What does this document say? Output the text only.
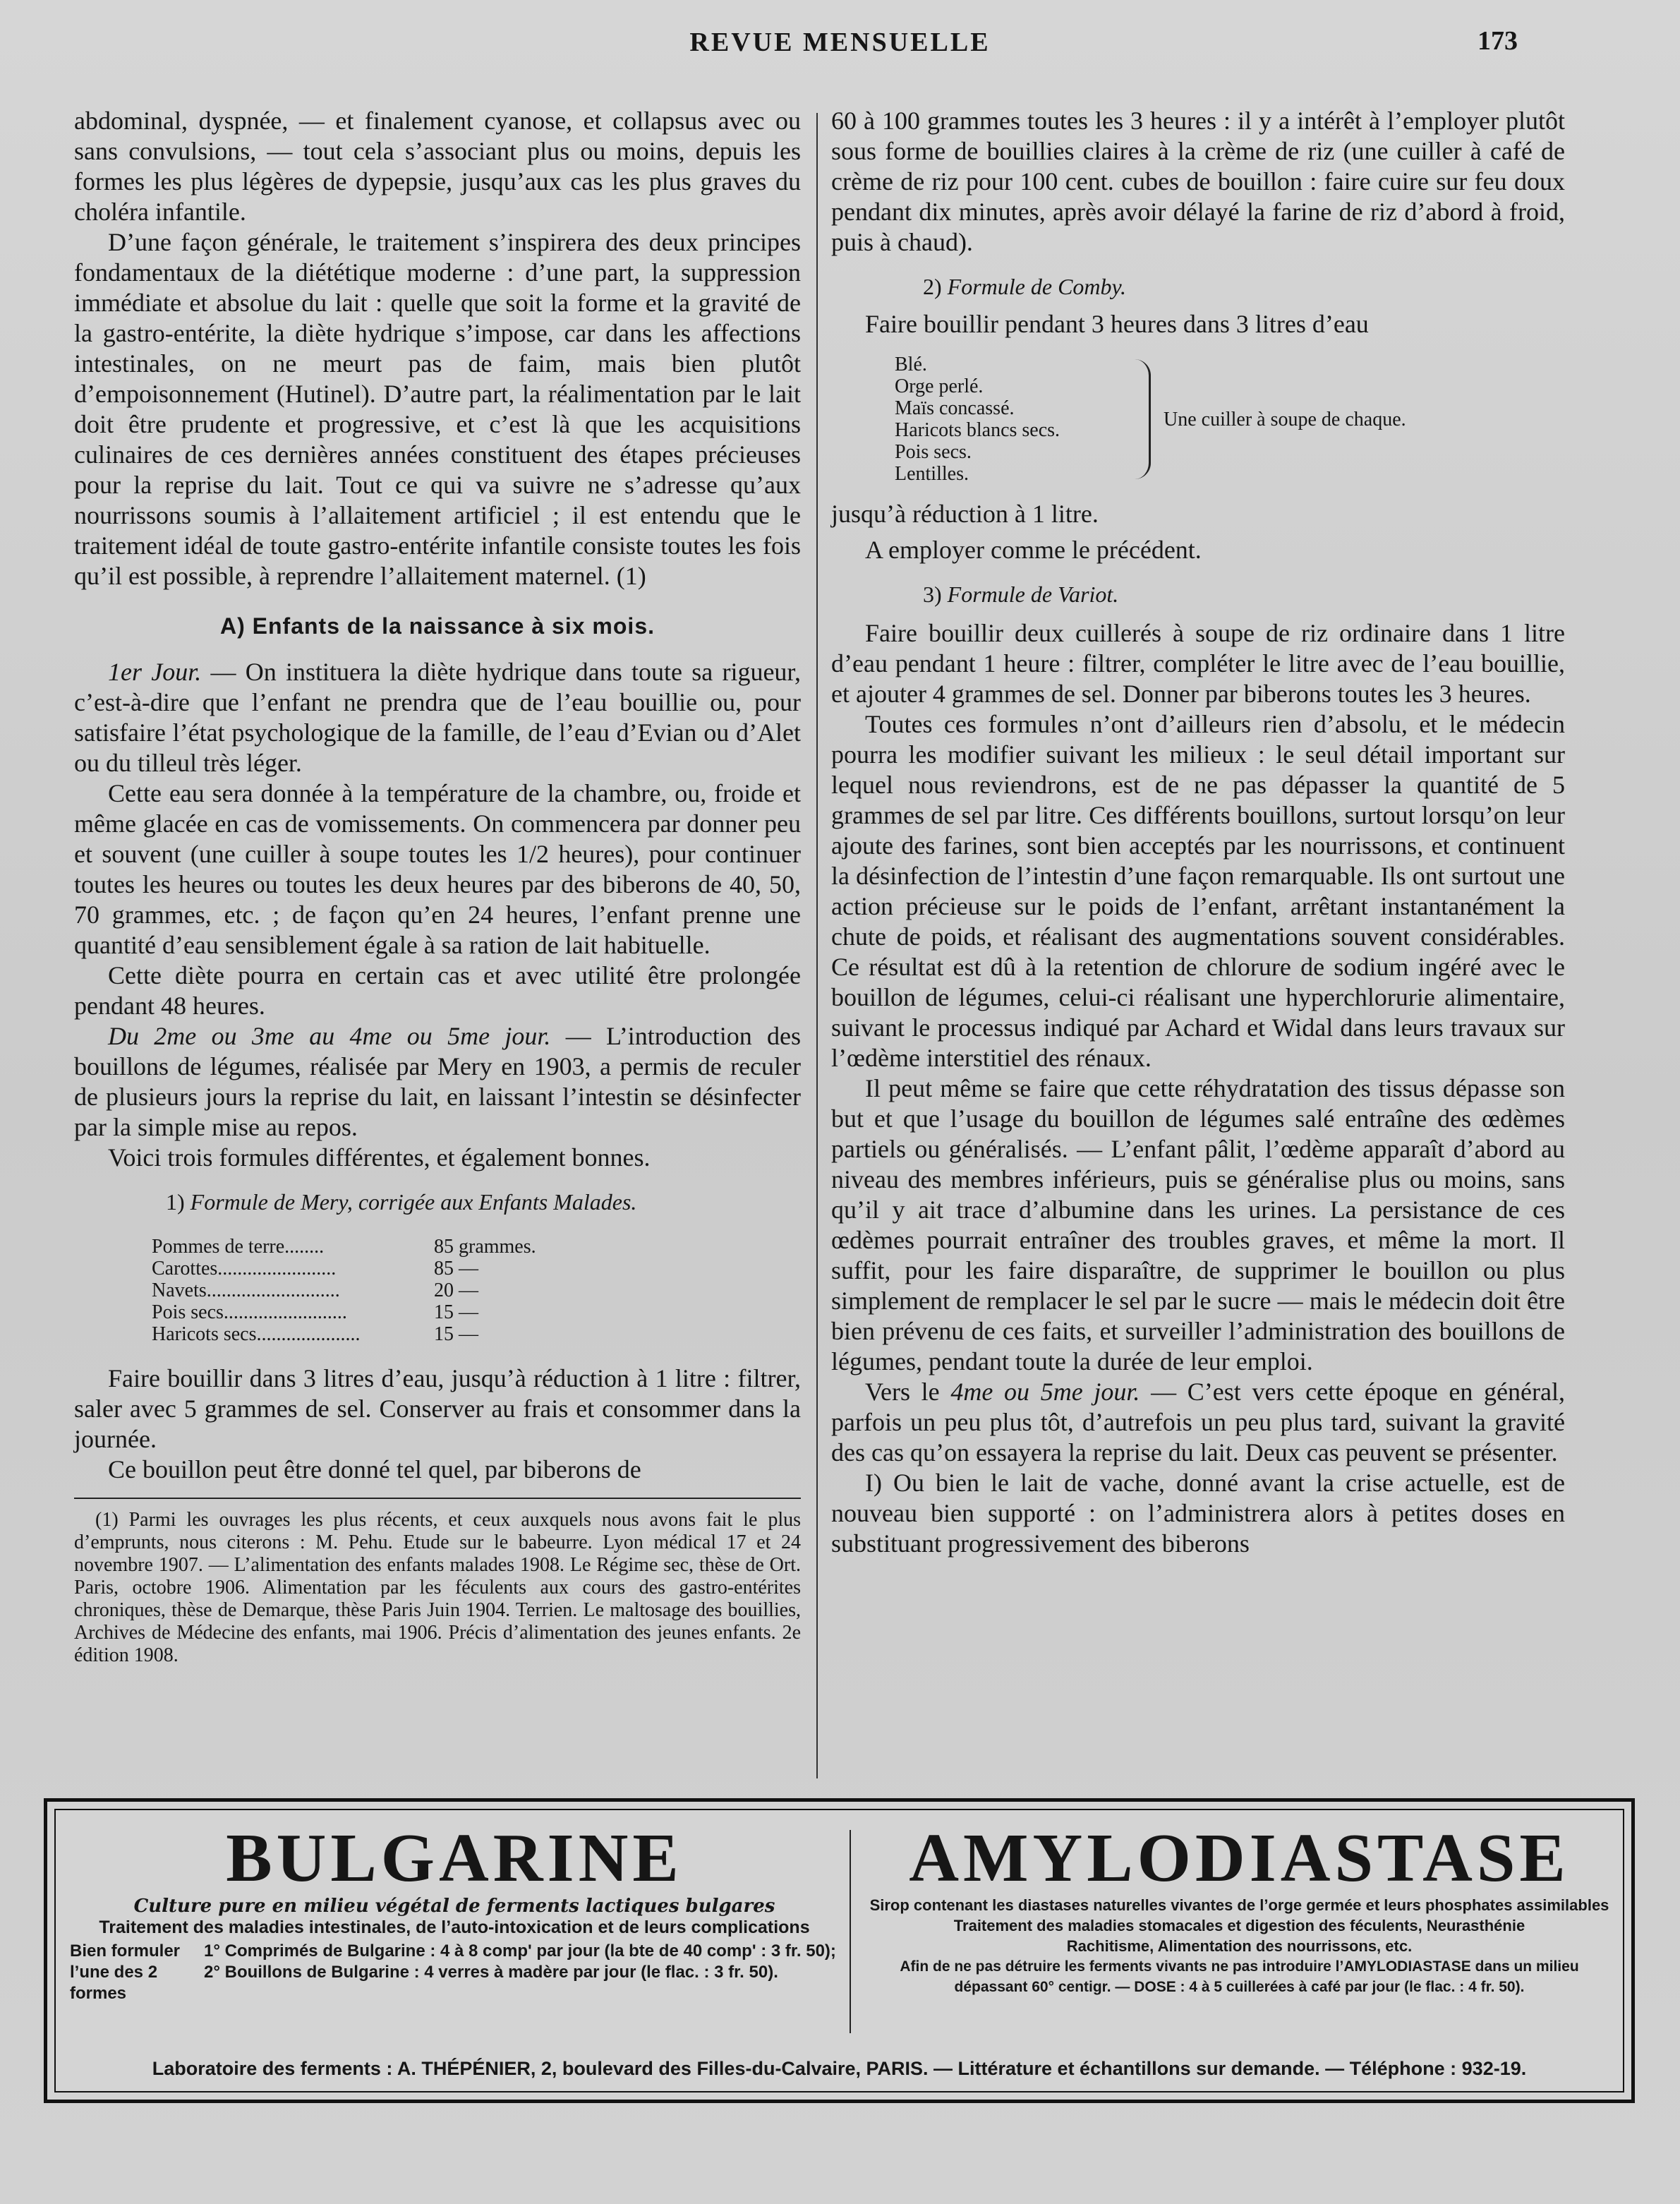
REVUE MENSUELLE	173

abdominal, dyspnée, — et finalement cyanose, et collapsus avec ou sans convulsions, — tout cela s’associant plus ou moins, depuis les formes les plus légères de dypepsie, jusqu’aux cas les plus graves du choléra infantile.

D’une façon générale, le traitement s’inspirera des deux principes fondamentaux de la diététique moderne : d’une part, la suppression immédiate et absolue du lait : quelle que soit la forme et la gravité de la gastro-entérite, la diète hydrique s’impose, car dans les affections intestinales, on ne meurt pas de faim, mais bien plutôt d’empoisonnement (Hutinel). D’autre part, la réalimentation par le lait doit être prudente et progressive, et c’est là que les acquisitions culinaires de ces dernières années constituent des étapes précieuses pour la reprise du lait. Tout ce qui va suivre ne s’adresse qu’aux nourrissons soumis à l’allaitement artificiel ; il est entendu que le traitement idéal de toute gastro-entérite infantile consiste toutes les fois qu’il est possible, à reprendre l’allaitement maternel. (1)

A) Enfants de la naissance à six mois.

1er Jour. — On instituera la diète hydrique dans toute sa rigueur, c’est-à-dire que l’enfant ne prendra que de l’eau bouillie ou, pour satisfaire l’état psychologique de la famille, de l’eau d’Evian ou d’Alet ou du tilleul très léger.

Cette eau sera donnée à la température de la chambre, ou, froide et même glacée en cas de vomissements. On commencera par donner peu et souvent (une cuiller à soupe toutes les 1/2 heures), pour continuer toutes les heures ou toutes les deux heures par des biberons de 40, 50, 70 grammes, etc. ; de façon qu’en 24 heures, l’enfant prenne une quantité d’eau sensiblement égale à sa ration de lait habituelle.

Cette diète pourra en certain cas et avec utilité être prolongée pendant 48 heures.

Du 2me ou 3me au 4me ou 5me jour. — L’introduction des bouillons de légumes, réalisée par Mery en 1903, a permis de reculer de plusieurs jours la reprise du lait, en laissant l’intestin se désinfecter par la simple mise au repos.

Voici trois formules différentes, et également bonnes.

1) Formule de Mery, corrigée aux Enfants Malades.
Pommes de terre........	85 grammes.
Carottes........................	85 —
Navets...........................	20 —
Pois secs.........................	15 —
Haricots secs.....................	15 —

Faire bouillir dans 3 litres d’eau, jusqu’à réduction à 1 litre : filtrer, saler avec 5 grammes de sel. Conserver au frais et consommer dans la journée.

Ce bouillon peut être donné tel quel, par biberons de

(1) Parmi les ouvrages les plus récents, et ceux auxquels nous avons fait le plus d’emprunts, nous citerons : M. Pehu. Etude sur le babeurre. Lyon médical 17 et 24 novembre 1907. — L’alimentation des enfants malades 1908. Le Régime sec, thèse de Ort. Paris, octobre 1906. Alimentation par les féculents aux cours des gastro-entérites chroniques, thèse de Demarque, thèse Paris Juin 1904. Terrien. Le maltosage des bouillies, Archives de Médecine des enfants, mai 1906. Précis d’alimentation des jeunes enfants. 2e édition 1908.

60 à 100 grammes toutes les 3 heures : il y a intérêt à l’employer plutôt sous forme de bouillies claires à la crème de riz (une cuiller à café de crème de riz pour 100 cent. cubes de bouillon : faire cuire sur feu doux pendant dix minutes, après avoir délayé la farine de riz d’abord à froid, puis à chaud).

2) Formule de Comby.

Faire bouillir pendant 3 heures dans 3 litres d’eau

Blé.
Orge perlé.
Maïs concassé.
Haricots blancs secs.
Pois secs.
Lentilles.
Une cuiller à soupe de chaque.

jusqu’à réduction à 1 litre.

A employer comme le précédent.

3) Formule de Variot.

Faire bouillir deux cuillerés à soupe de riz ordinaire dans 1 litre d’eau pendant 1 heure : filtrer, compléter le litre avec de l’eau bouillie, et ajouter 4 grammes de sel. Donner par biberons toutes les 3 heures.

Toutes ces formules n’ont d’ailleurs rien d’absolu, et le médecin pourra les modifier suivant les milieux : le seul détail important sur lequel nous reviendrons, est de ne pas dépasser la quantité de 5 grammes de sel par litre. Ces différents bouillons, surtout lorsqu’on leur ajoute des farines, sont bien acceptés par les nourrissons, et continuent la désinfection de l’intestin d’une façon remarquable. Ils ont surtout une action précieuse sur le poids de l’enfant, arrêtant instantanément la chute de poids, et réalisant des augmentations souvent considérables. Ce résultat est dû à la retention de chlorure de sodium ingéré avec le bouillon de légumes, celui-ci réalisant une hyperchlorurie alimentaire, suivant le processus indiqué par Achard et Widal dans leurs travaux sur l’œdème interstitiel des rénaux.

Il peut même se faire que cette réhydratation des tissus dépasse son but et que l’usage du bouillon de légumes salé entraîne des œdèmes partiels ou généralisés. — L’enfant pâlit, l’œdème apparaît d’abord au niveau des membres inférieurs, puis se généralise plus ou moins, sans qu’il y ait trace d’albumine dans les urines. La persistance de ces œdèmes pourrait entraîner des troubles graves, et même la mort. Il suffit, pour les faire disparaître, de supprimer le bouillon ou plus simplement de remplacer le sel par le sucre — mais le médecin doit être bien prévenu de ces faits, et surveiller l’administration des bouillons de légumes, pendant toute la durée de leur emploi.

Vers le 4me ou 5me jour. — C’est vers cette époque en général, parfois un peu plus tôt, d’autrefois un peu plus tard, suivant la gravité des cas qu’on essayera la reprise du lait. Deux cas peuvent se présenter.

I) Ou bien le lait de vache, donné avant la crise actuelle, est de nouveau bien supporté : on l’administrera alors à petites doses en substituant progressivement des biberons

BULGARINE
Culture pure en milieu végétal de ferments lactiques bulgares
Traitement des maladies intestinales, de l’auto-intoxication et de leurs complications
Bien formuler l’une des 2 formes
1° Comprimés de Bulgarine : 4 à 8 comp' par jour (la bte de 40 comp' : 3 fr. 50);
2° Bouillons de Bulgarine : 4 verres à madère par jour (le flac. : 3 fr. 50).
AMYLODIASTASE
Sirop contenant les diastases naturelles vivantes de l’orge germée et leurs phosphates assimilables
Traitement des maladies stomacales et digestion des féculents, Neurasthénie
Rachitisme, Alimentation des nourrissons, etc.
Afin de ne pas détruire les ferments vivants ne pas introduire l’AMYLODIASTASE dans un milieu
dépassant 60° centigr. — DOSE : 4 à 5 cuillerées à café par jour (le flac. : 4 fr. 50).
Laboratoire des ferments : A. THÉPÉNIER, 2, boulevard des Filles-du-Calvaire, PARIS. — Littérature et échantillons sur demande. — Téléphone : 932-19.
